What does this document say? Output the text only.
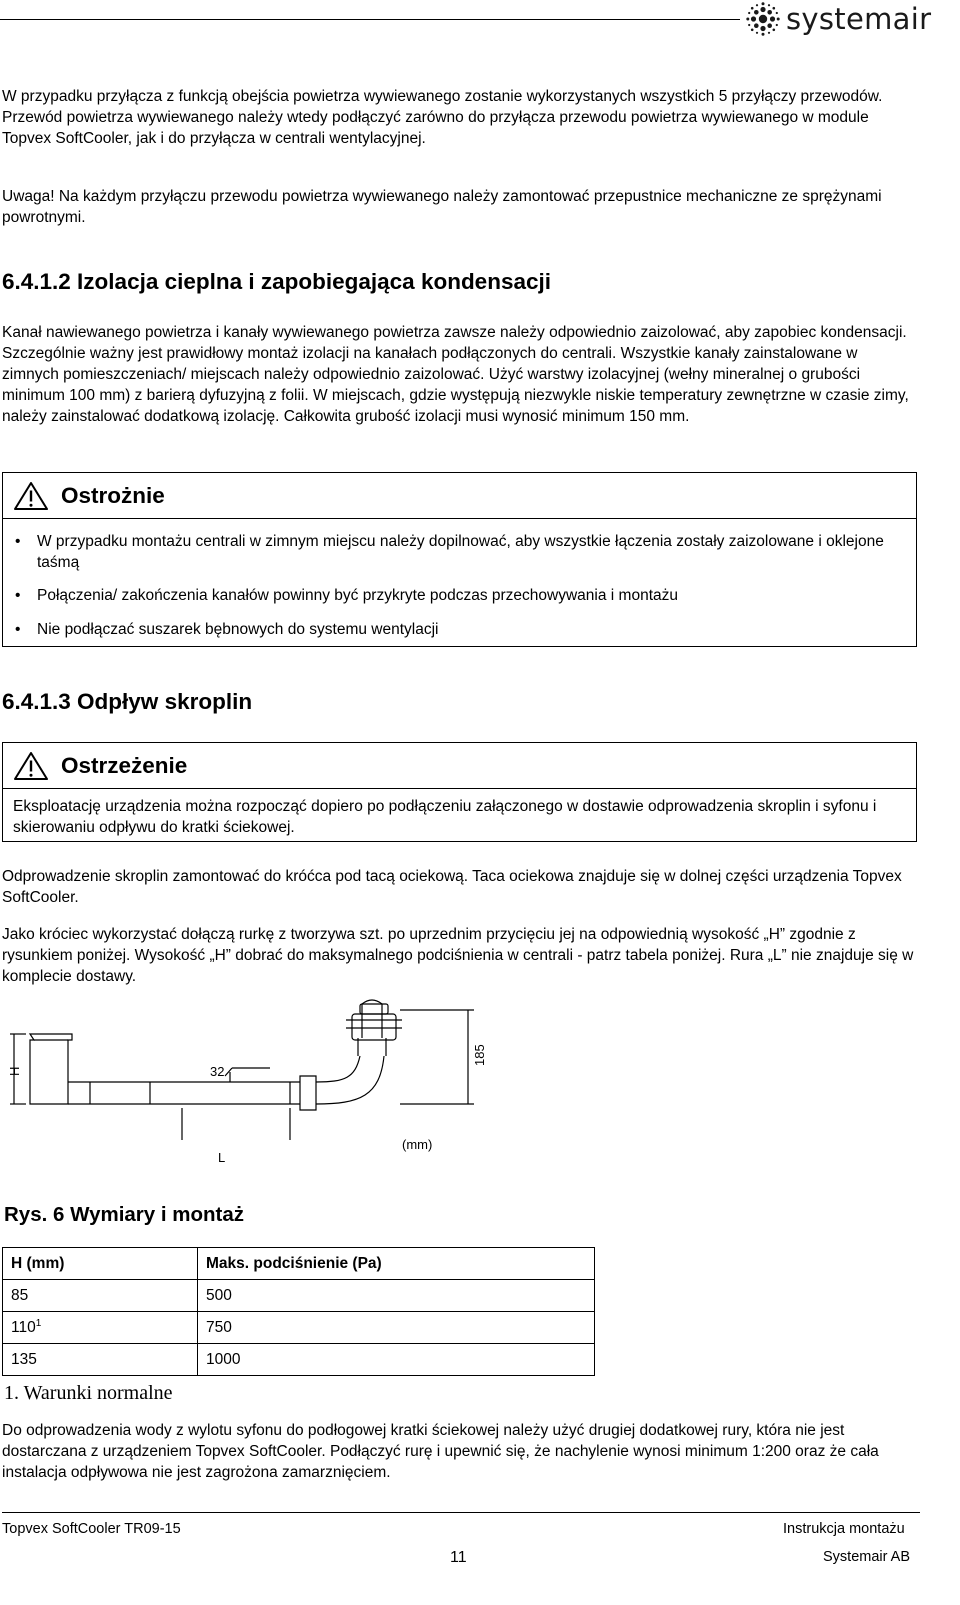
systemair

W przypadku przyłącza z funkcją obejścia powietrza wywiewanego zostanie wykorzystanych wszystkich 5 przyłączy przewodów. Przewód powietrza wywiewanego należy wtedy podłączyć zarówno do przyłącza przewodu powietrza wywiewanego w module Topvex SoftCooler, jak i do przyłącza w centrali wentylacyjnej.

Uwaga! Na każdym przyłączu przewodu powietrza wywiewanego należy zamontować przepustnice mechaniczne ze sprężynami powrotnymi.

6.4.1.2 Izolacja cieplna i zapobiegająca kondensacji

Kanał nawiewanego powietrza i kanały wywiewanego powietrza zawsze należy odpowiednio zaizolować, aby zapobiec kondensacji. Szczególnie ważny jest prawidłowy montaż izolacji na kanałach podłączonych do centrali. Wszystkie kanały zainstalowane w zimnych pomieszczeniach/ miejscach należy odpowiednio zaizolować. Użyć warstwy izolacyjnej (wełny mineralnej o grubości minimum 100 mm) z barierą dyfuzyjną z folii. W miejscach, gdzie występują niezwykle niskie temperatury zewnętrzne w czasie zimy, należy zainstalować dodatkową izolację. Całkowita grubość izolacji musi wynosić minimum 150 mm.

Ostrożnie
• W przypadku montażu centrali w zimnym miejscu należy dopilnować, aby wszystkie łączenia zostały zaizolowane i oklejone taśmą
• Połączenia/ zakończenia kanałów powinny być przykryte podczas przechowywania i montażu
• Nie podłączać suszarek bębnowych do systemu wentylacji
6.4.1.3 Odpływ skroplin
Ostrzeżenie

Eksploatację urządzenia można rozpocząć dopiero po podłączeniu załączonego w dostawie odprowadzenia skroplin i syfonu i skierowaniu odpływu do kratki ściekowej.

Odprowadzenie skroplin zamontować do króćca pod tacą ociekową. Taca ociekowa znajduje się w dolnej części urządzenia Topvex SoftCooler.

Jako króciec wykorzystać dołączą rurkę z tworzywa szt. po uprzednim przycięciu jej na odpowiednią wysokość „H” zgodnie z rysunkiem poniżej. Wysokość „H” dobrać do maksymalnego podciśnienia w centrali - patrz tabela poniżej. Rura „L” nie znajduje się w komplecie dostawy.

H	32
185
L
(mm)
Rys. 6 Wymiary i montaż
H (mm)	Maks. podciśnienie (Pa)
85	500
$110^1$	750
135	1000
1. Warunki normalne

Do odprowadzenia wody z wylotu syfonu do podłogowej kratki ściekowej należy użyć drugiej dodatkowej rury, która nie jest dostarczana z urządzeniem Topvex SoftCooler. Podłączyć rurę i upewnić się, że nachylenie wynosi minimum 1:200 oraz że cała instalacja odpływowa nie jest zagrożona zamarznięciem.

Topvex SoftCooler TR09-15
11
Instrukcja montażu
Systemair AB
